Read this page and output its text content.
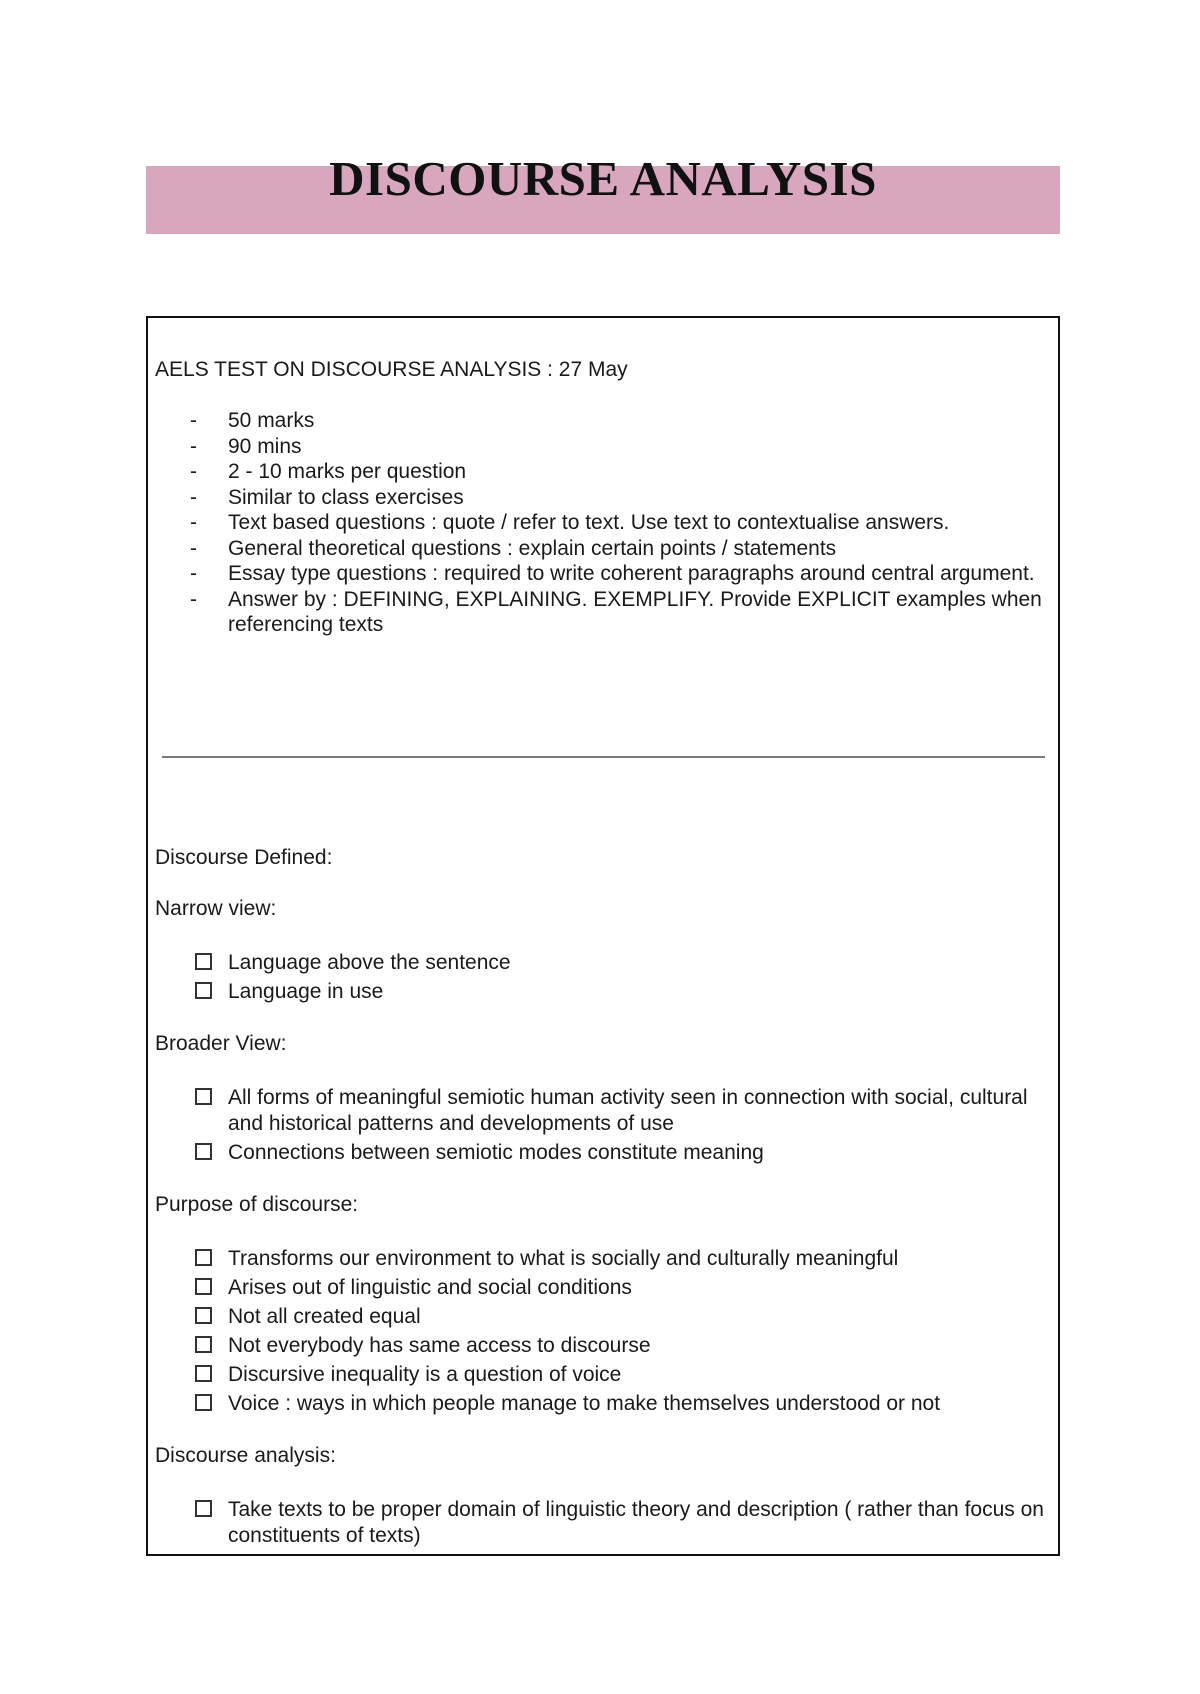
DISCOURSE ANALYSIS
AELS TEST ON DISCOURSE ANALYSIS : 27 May
- 50 marks
- 90 mins
- 2 - 10 marks per question
- Similar to class exercises
- Text based questions : quote / refer to text. Use text to contextualise answers.
- General theoretical questions : explain certain points / statements
- Essay type questions : required to write coherent paragraphs around central argument.
- Answer by : DEFINING, EXPLAINING. EXEMPLIFY. Provide EXPLICIT examples when referencing texts
Discourse Defined:
Narrow view:
Language above the sentence
Language in use
Broader View:
All forms of meaningful semiotic human activity seen in connection with social, cultural and historical patterns and developments of use
Connections between semiotic modes constitute meaning
Purpose of discourse:
Transforms our environment to what is socially and culturally meaningful
Arises out of linguistic and social conditions
Not all created equal
Not everybody has same access to discourse
Discursive inequality is a question of voice
Voice : ways in which people manage to make themselves understood or not
Discourse analysis:
Take texts to be proper domain of linguistic theory and description ( rather than focus on constituents of texts)
